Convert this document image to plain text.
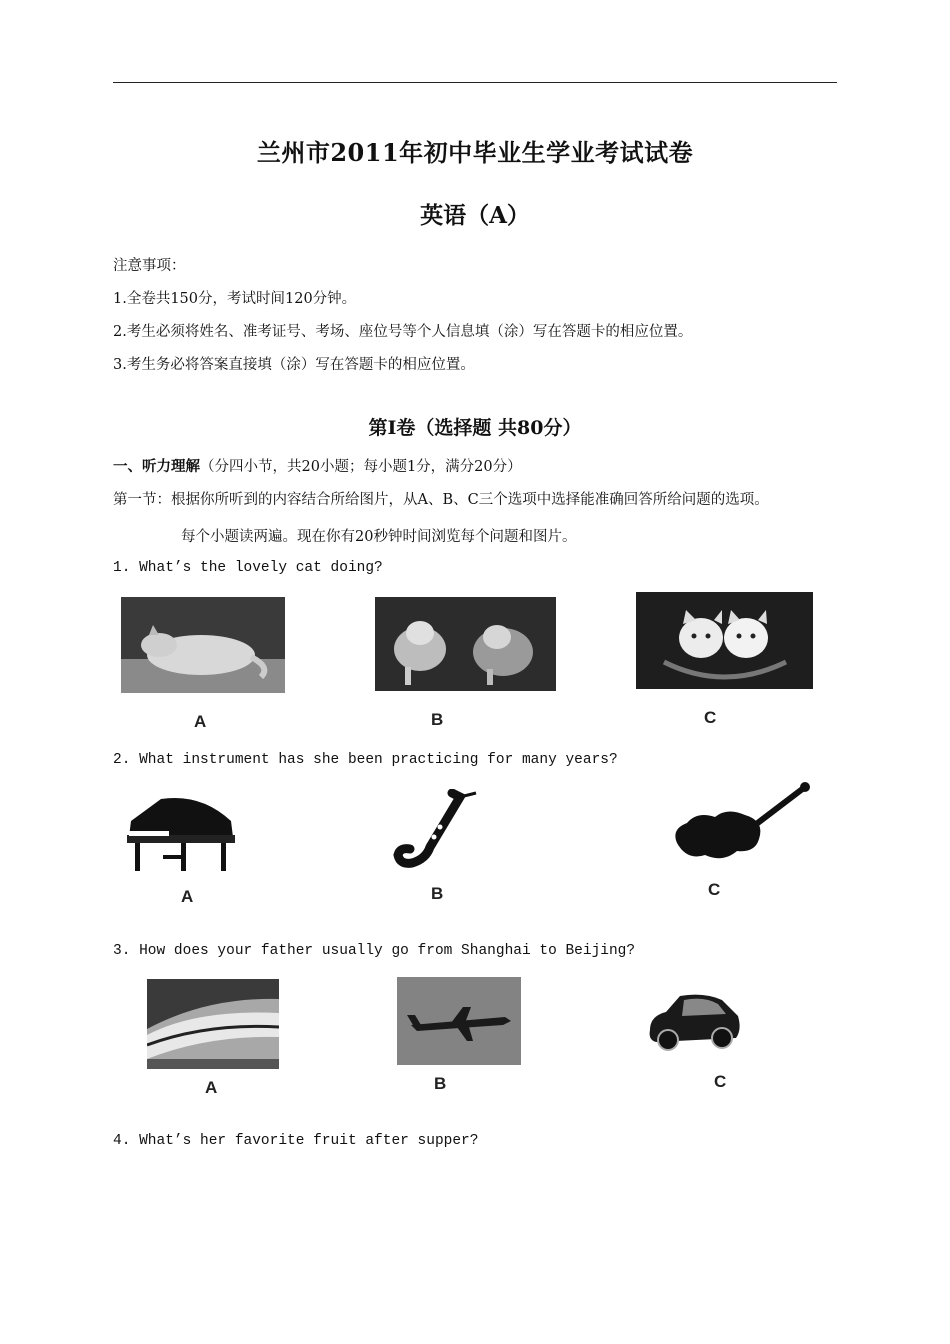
兰州市2011年初中毕业生学业考试试卷
英语（A）
注意事项：
1.全卷共150分，考试时间120分钟。
2.考生必须将姓名、准考证号、考场、座位号等个人信息填（涂）写在答题卡的相应位置。
3.考生务必将答案直接填（涂）写在答题卡的相应位置。
第Ⅰ卷（选择题 共80分）
一、听力理解（分四小节，共20小题；每小题1分，满分20分）
第一节：根据你所听到的内容结合所给图片，从A、B、C三个选项中选择能准确回答所给问题的选项。
每个小题读两遍。现在你有20秒钟时间浏览每个问题和图片。
1. What’s the lovely cat doing?
A	B	C
2. What instrument has she been practicing for many years?
A	B	C
3. How does your father usually go from Shanghai to Beijing?
A	B	C
4. What’s her favorite fruit after supper?
